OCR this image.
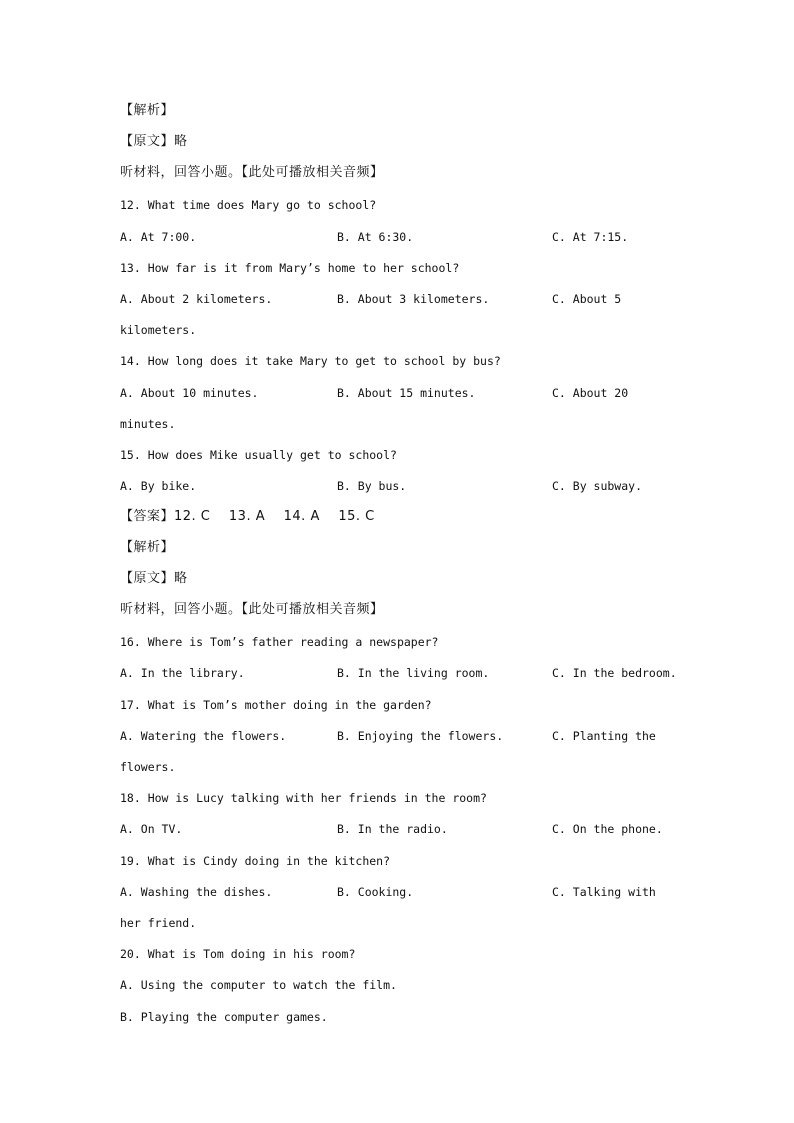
【解析】
【原文】略
听材料，回答小题。【此处可播放相关音频】
12. What time does Mary go to school?
A. At 7:00.	B. At 6:30.	C. At 7:15.
13. How far is it from Mary’s home to her school?
A. About 2 kilometers.	B. About 3 kilometers.	C. About 5
kilometers.
14. How long does it take Mary to get to school by bus?
A. About 10 minutes.	B. About 15 minutes.	C. About 20
minutes.
15. How does Mike usually get to school?
A. By bike.	B. By bus.	C. By subway.
【答案】12. C    13. A    14. A    15. C
【解析】
【原文】略
听材料，回答小题。【此处可播放相关音频】
16. Where is Tom’s father reading a newspaper?
A. In the library.	B. In the living room.	C. In the bedroom.
17. What is Tom’s mother doing in the garden?
A. Watering the flowers.	B. Enjoying the flowers.	C. Planting the
flowers.
18. How is Lucy talking with her friends in the room?
A. On TV.	B. In the radio.	C. On the phone.
19. What is Cindy doing in the kitchen?
A. Washing the dishes.	B. Cooking.	C. Talking with
her friend.
20. What is Tom doing in his room?
A. Using the computer to watch the film.
B. Playing the computer games.
